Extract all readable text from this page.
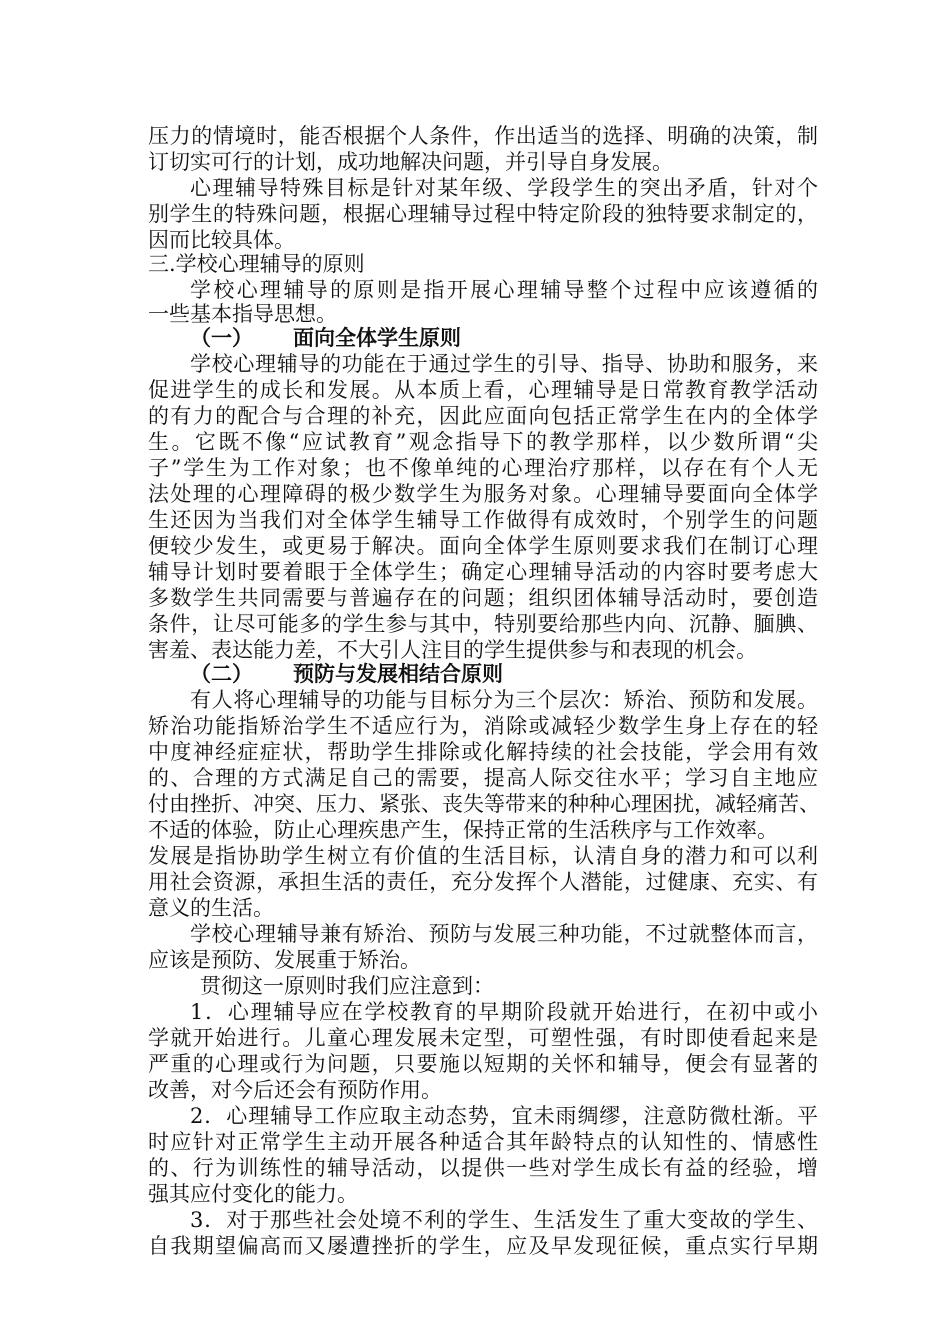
压力的情境时，能否根据个人条件，作出适当的选择、明确的决策，制
订切实可行的计划，成功地解决问题，并引导自身发展。
心理辅导特殊目标是针对某年级、学段学生的突出矛盾，针对个
别学生的特殊问题，根据心理辅导过程中特定阶段的独特要求制定的，
因而比较具体。
三.学校心理辅导的原则
学校心理辅导的原则是指开展心理辅导整个过程中应该遵循的
一些基本指导思想。
（一） 面向全体学生原则
学校心理辅导的功能在于通过学生的引导、指导、协助和服务，来
促进学生的成长和发展。从本质上看，心理辅导是日常教育教学活动
的有力的配合与合理的补充，因此应面向包括正常学生在内的全体学
生。它既不像“应试教育”观念指导下的教学那样，以少数所谓“尖
子”学生为工作对象；也不像单纯的心理治疗那样，以存在有个人无
法处理的心理障碍的极少数学生为服务对象。心理辅导要面向全体学
生还因为当我们对全体学生辅导工作做得有成效时，个别学生的问题
便较少发生，或更易于解决。面向全体学生原则要求我们在制订心理
辅导计划时要着眼于全体学生；确定心理辅导活动的内容时要考虑大
多数学生共同需要与普遍存在的问题；组织团体辅导活动时，要创造
条件，让尽可能多的学生参与其中，特别要给那些内向、沉静、腼腆、
害羞、表达能力差，不大引人注目的学生提供参与和表现的机会。
（二） 预防与发展相结合原则
有人将心理辅导的功能与目标分为三个层次：矫治、预防和发展。
矫治功能指矫治学生不适应行为，消除或减轻少数学生身上存在的轻
中度神经症症状，帮助学生排除或化解持续的社会技能，学会用有效
的、合理的方式满足自己的需要，提高人际交往水平；学习自主地应
付由挫折、冲突、压力、紧张、丧失等带来的种种心理困扰，减轻痛苦、
不适的体验，防止心理疾患产生，保持正常的生活秩序与工作效率。
发展是指协助学生树立有价值的生活目标，认清自身的潜力和可以利
用社会资源，承担生活的责任，充分发挥个人潜能，过健康、充实、有
意义的生活。
学校心理辅导兼有矫治、预防与发展三种功能，不过就整体而言，
应该是预防、发展重于矫治。
贯彻这一原则时我们应注意到：
1．心理辅导应在学校教育的早期阶段就开始进行，在初中或小
学就开始进行。儿童心理发展未定型，可塑性强，有时即使看起来是
严重的心理或行为问题，只要施以短期的关怀和辅导，便会有显著的
改善，对今后还会有预防作用。
2．心理辅导工作应取主动态势，宜未雨绸缪，注意防微杜渐。平
时应针对正常学生主动开展各种适合其年龄特点的认知性的、情感性
的、行为训练性的辅导活动，以提供一些对学生成长有益的经验，增
强其应付变化的能力。
3．对于那些社会处境不利的学生、生活发生了重大变故的学生、
自我期望偏高而又屡遭挫折的学生，应及早发现征候，重点实行早期
